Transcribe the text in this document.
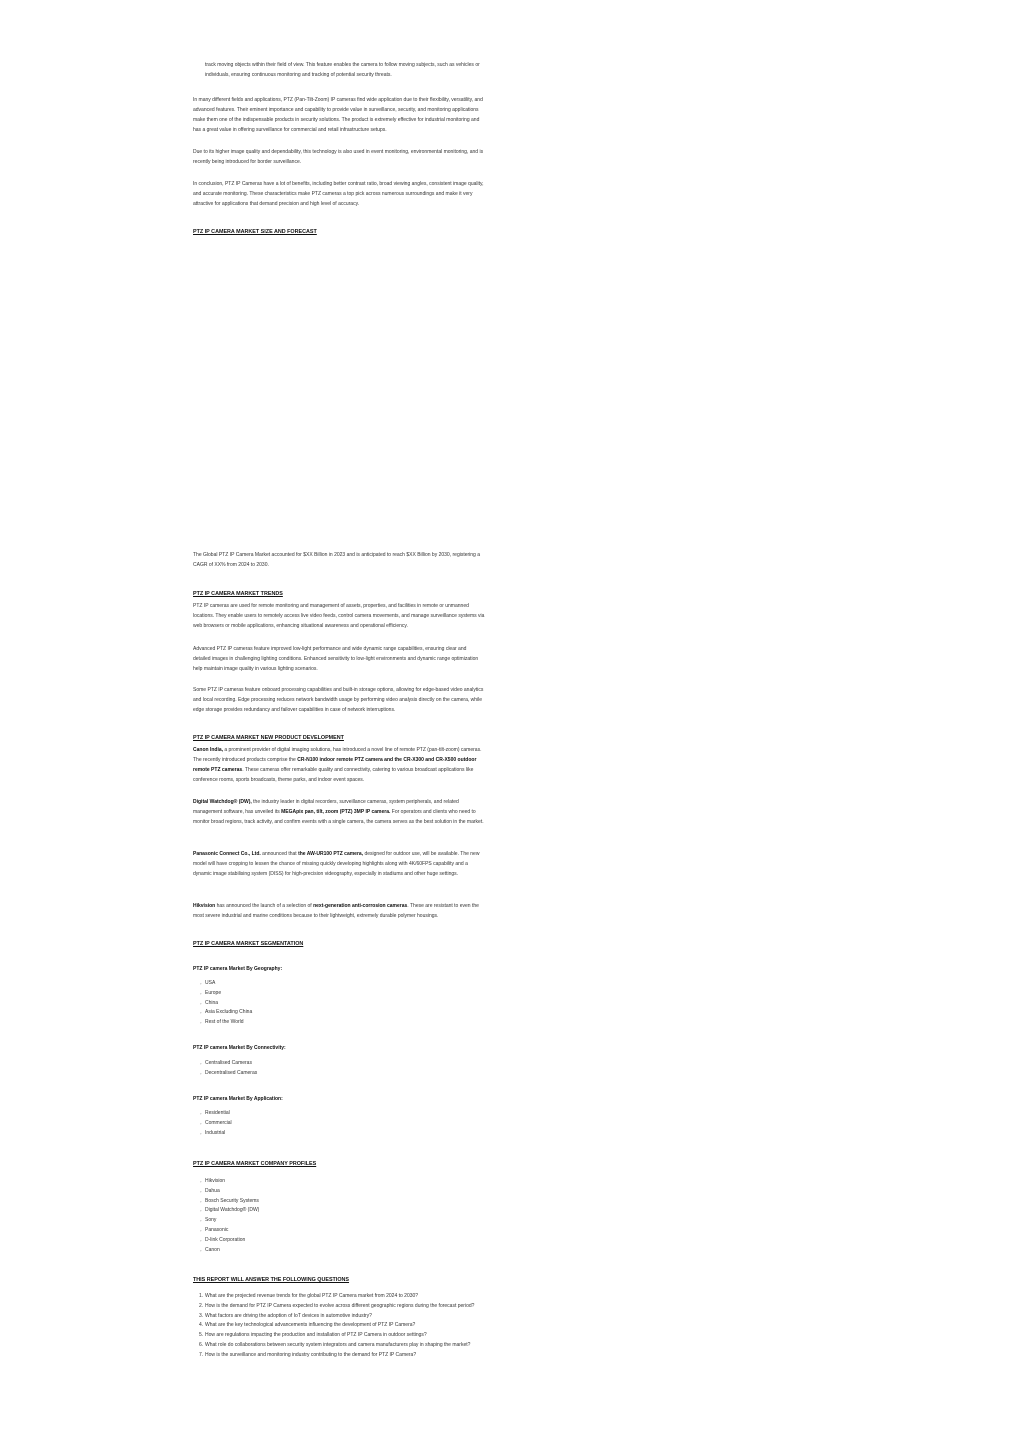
track moving objects within their field of view. This feature enables the camera to follow moving subjects, such as vehicles or individuals, ensuring continuous monitoring and tracking of potential security threats.

In many different fields and applications, PTZ (Pan-Tilt-Zoom) IP cameras find wide application due to their flexibility, versatility, and advanced features. Their eminent importance and capability to provide value in surveillance, security, and monitoring applications make them one of the indispensable products in security solutions. The product is extremely effective for industrial monitoring and has a great value in offering surveillance for commercial and retail infrastructure setups.

Due to its higher image quality and dependability, this technology is also used in event monitoring, environmental monitoring, and is recently being introduced for border surveillance.

In conclusion, PTZ IP Cameras have a lot of benefits, including better contrast ratio, broad viewing angles, consistent image quality, and accurate monitoring. These characteristics make PTZ cameras a top pick across numerous surroundings and make it very attractive for applications that demand precision and high level of accuracy.

PTZ IP CAMERA MARKET SIZE AND FORECAST

The Global PTZ IP Camera Market accounted for $XX Billion in 2023 and is anticipated to reach $XX Billion by 2030, registering a CAGR of XX% from 2024 to 2030.

PTZ IP CAMERA MARKET TRENDS

PTZ IP cameras are used for remote monitoring and management of assets, properties, and facilities in remote or unmanned locations. They enable users to remotely access live video feeds, control camera movements, and manage surveillance systems via web browsers or mobile applications, enhancing situational awareness and operational efficiency.

Advanced PTZ IP cameras feature improved low-light performance and wide dynamic range capabilities, ensuring clear and detailed images in challenging lighting conditions. Enhanced sensitivity to low-light environments and dynamic range optimization help maintain image quality in various lighting scenarios.

Some PTZ IP cameras feature onboard processing capabilities and built-in storage options, allowing for edge-based video analytics and local recording. Edge processing reduces network bandwidth usage by performing video analysis directly on the camera, while edge storage provides redundancy and failover capabilities in case of network interruptions.

PTZ IP CAMERA MARKET NEW PRODUCT DEVELOPMENT

Canon India, a prominent provider of digital imaging solutions, has introduced a novel line of remote PTZ (pan-tilt-zoom) cameras. The recently introduced products comprise the CR-N100 indoor remote PTZ camera and the CR-X300 and CR-X500 outdoor remote PTZ cameras. These cameras offer remarkable quality and connectivity, catering to various broadcast applications like conference rooms, sports broadcasts, theme parks, and indoor event spaces.

Digital Watchdog® (DW), the industry leader in digital recorders, surveillance cameras, system peripherals, and related management software, has unveiled its MEGApix pan, tilt, zoom (PTZ) 3MP IP camera. For operators and clients who need to monitor broad regions, track activity, and confirm events with a single camera, the camera serves as the best solution in the market.

Panasonic Connect Co., Ltd. announced that the AW-UR100 PTZ camera, designed for outdoor use, will be available. The new model will have cropping to lessen the chance of missing quickly developing highlights along with 4K/60FPS capability and a dynamic image stabilising system (DISS) for high-precision videography, especially in stadiums and other huge settings.

Hikvision has announced the launch of a selection of next-generation anti-corrosion cameras. These are resistant to even the most severe industrial and marine conditions because to their lightweight, extremely durable polymer housings.

PTZ IP CAMERA MARKET SEGMENTATION
PTZ IP camera Market By Geography:
◦ USA
◦ Europe
◦ China
◦ Asia Excluding China
◦ Rest of the World
PTZ IP camera Market By Connectivity:
◦ Centralised Cameras
◦ Decentralised Cameras
PTZ IP camera Market By Application:
◦ Residential
◦ Commercial
◦ Industrial
PTZ IP CAMERA MARKET COMPANY PROFILES
◦ Hikvision
◦ Dahua
◦ Bosch Security Systems
◦ Digital Watchdog® (DW)
◦ Sony
◦ Panasonic
◦ D-link Corporation
◦ Canon
THIS REPORT WILL ANSWER THE FOLLOWING QUESTIONS
1. What are the projected revenue trends for the global PTZ IP Camera market from 2024 to 2030?
2. How is the demand for PTZ IP Camera expected to evolve across different geographic regions during the forecast period?
3. What factors are driving the adoption of IoT devices in automotive industry?
4. What are the key technological advancements influencing the development of PTZ IP Camera?
5. How are regulations impacting the production and installation of PTZ IP Camera in outdoor settings?
6. What role do collaborations between security system integrators and camera manufacturers play in shaping the market?
7. How is the surveillance and monitoring industry contributing to the demand for PTZ IP Camera?
